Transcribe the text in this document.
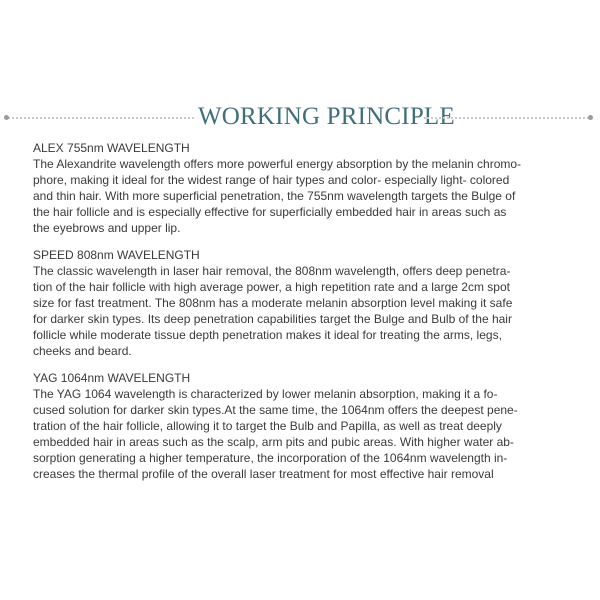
WORKING PRINCIPLE
ALEX 755nm WAVELENGTH
The Alexandrite wavelength offers more powerful energy absorption by the melanin chromo-
phore, making it ideal for the widest range of hair types and color- especially light- colored
and thin hair. With more superficial penetration, the 755nm wavelength targets the Bulge of
the hair follicle and is especially effective for superficially embedded hair in areas such as
the eyebrows and upper lip.
SPEED 808nm WAVELENGTH
The classic wavelength in laser hair removal, the 808nm wavelength, offers deep penetra-
tion of the hair follicle with high average power, a high repetition rate and a large 2cm spot
size for fast treatment. The 808nm has a moderate melanin absorption level making it safe
for darker skin types. Its deep penetration capabilities target the Bulge and Bulb of the hair
follicle while moderate tissue depth penetration makes it ideal for treating the arms, legs,
cheeks and beard.
YAG 1064nm WAVELENGTH
The YAG 1064 wavelength is characterized by lower melanin absorption, making it a fo-
cused solution for darker skin types.At the same time, the 1064nm offers the deepest pene-
tration of the hair follicle, allowing it to target the Bulb and Papilla, as well as treat deeply
embedded hair in areas such as the scalp, arm pits and pubic areas. With higher water ab-
sorption generating a higher temperature, the incorporation of the 1064nm wavelength in-
creases the thermal profile of the overall laser treatment for most effective hair removal
